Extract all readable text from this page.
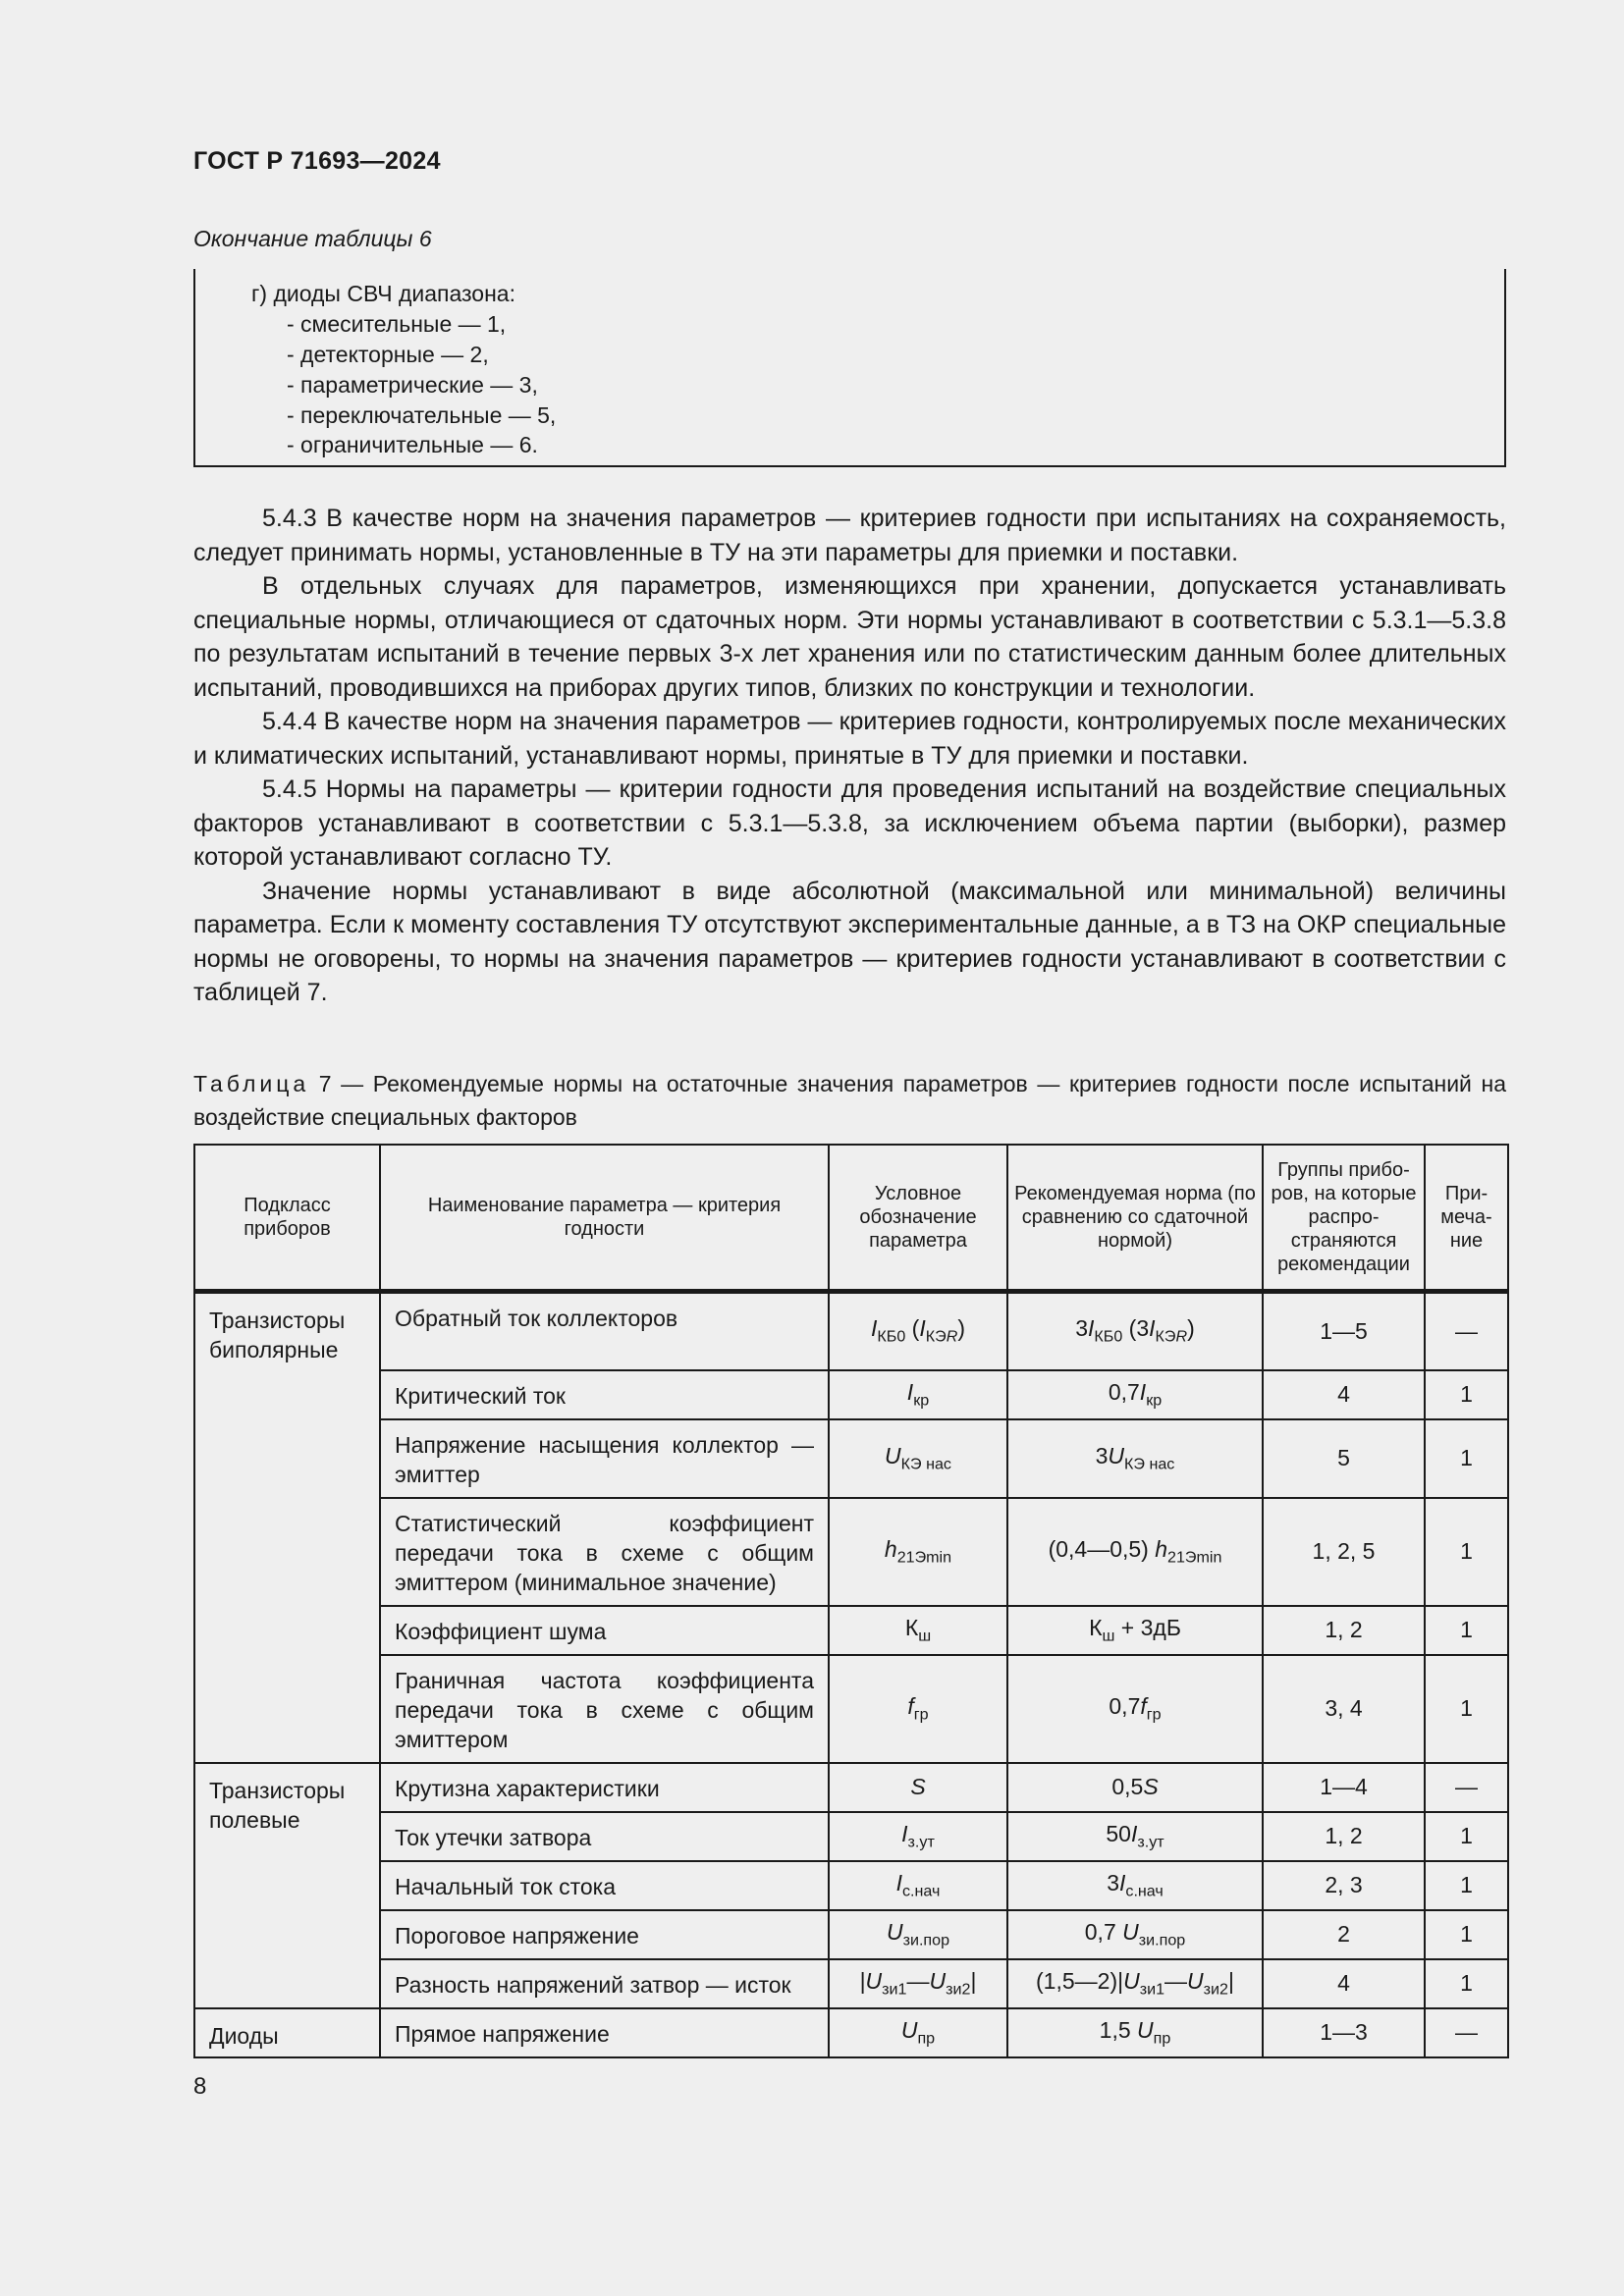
ГОСТ Р 71693—2024
Окончание таблицы 6
г) диоды СВЧ диапазона:
- смесительные — 1,
- детекторные — 2,
- параметрические — 3,
- переключательные — 5,
- ограничительные — 6.

5.4.3 В качестве норм на значения параметров — критериев годности при испытаниях на сохраняемость, следует принимать нормы, установленные в ТУ на эти параметры для приемки и поставки.

В отдельных случаях для параметров, изменяющихся при хранении, допускается устанавливать специальные нормы, отличающиеся от сдаточных норм. Эти нормы устанавливают в соответствии с 5.3.1—5.3.8 по результатам испытаний в течение первых 3-х лет хранения или по статистическим данным более длительных испытаний, проводившихся на приборах других типов, близких по конструкции и технологии.

5.4.4 В качестве норм на значения параметров — критериев годности, контролируемых после механических и климатических испытаний, устанавливают нормы, принятые в ТУ для приемки и поставки.

5.4.5 Нормы на параметры — критерии годности для проведения испытаний на воздействие специальных факторов устанавливают в соответствии с 5.3.1—5.3.8, за исключением объема партии (выборки), размер которой устанавливают согласно ТУ.

Значение нормы устанавливают в виде абсолютной (максимальной или минимальной) величины параметра. Если к моменту составления ТУ отсутствуют экспериментальные данные, а в ТЗ на ОКР специальные нормы не оговорены, то нормы на значения параметров — критериев годности устанавливают в соответствии с таблицей 7.

Таблица 7 — Рекомендуемые нормы на остаточные значения параметров — критериев годности после испытаний на воздействие специальных факторов
Подкласс приборов	Наименование параметра — критерия годности	Условное обозначение параметра	Рекомендуемая норма (по сравнению со сдаточной нормой)	Группы приборов, на которые распространяются рекомендации	Примечание

Транзисторы биполярные	Обратный ток коллекторов	$I_{КБ0}$ $(I_{КЭR})$	$3I_{КБ0}$ $(3I_{КЭR})$	1—5	—
	Критический ток	$I_{кр}$	$0,7I_{кр}$	4	1
	Напряжение насыщения коллектор — эмиттер	$U_{КЭ нас}$	$3U_{КЭ нас}$	5	1
	Статистический коэффициент передачи тока в схеме с общим эмиттером (минимальное значение)	$h_{21Эmin}$	(0,4—0,5) $h_{21Эmin}$	1, 2, 5	1
	Коэффициент шума	$К_ш$	$К_ш + 3дБ$	1, 2	1
	Граничная частота коэффициента передачи тока в схеме с общим эмиттером	$f_{гр}$	$0,7f_{гр}$	3, 4	1
Транзисторы полевые	Крутизна характеристики	S	0,5S	1—4	—
	Ток утечки затвора	$I_{з.ут}$	$50I_{з.ут}$	1, 2	1
	Начальный ток стока	$I_{с.нач}$	$3I_{с.нач}$	2, 3	1
	Пороговое напряжение	$U_{зи.пор}$	0,7 $U_{зи.пор}$	2	1
	Разность напряжений затвор — исток	$|U_{зи1}—U_{зи2}|$	$(1,5—2)|U_{зи1}—U_{зи2}|$	4	1
Диоды	Прямое напряжение	$U_{пр}$	1,5 $U_{пр}$	1—3	—
8
